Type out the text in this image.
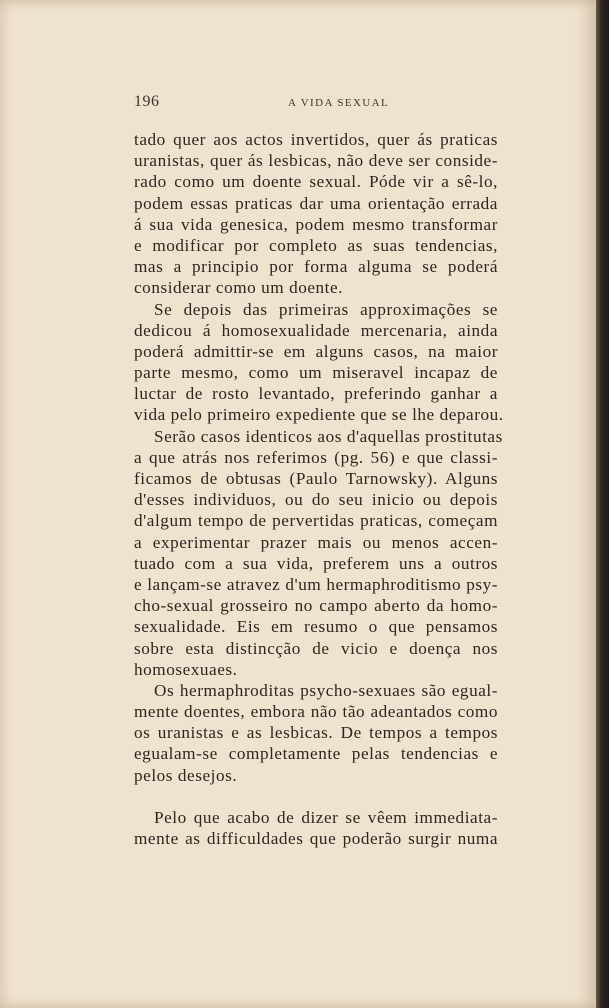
196	A VIDA SEXUAL
tado quer aos actos invertidos, quer ás praticas
uranistas, quer ás lesbicas, não deve ser conside-
rado como um doente sexual. Póde vir a sê-lo,
podem essas praticas dar uma orientação errada
á sua vida genesica, podem mesmo transformar
e modificar por completo as suas tendencias,
mas a principio por forma alguma se poderá
considerar como um doente.
Se depois das primeiras approximações se
dedicou á homosexualidade mercenaria, ainda
poderá admittir-se em alguns casos, na maior
parte mesmo, como um miseravel incapaz de
luctar de rosto levantado, preferindo ganhar a
vida pelo primeiro expediente que se lhe deparou.
Serão casos identicos aos d'aquellas prostitutas
a que atrás nos referimos (pg. 56) e que classi-
ficamos de obtusas (Paulo Tarnowsky). Alguns
d'esses individuos, ou do seu inicio ou depois
d'algum tempo de pervertidas praticas, começam
a experimentar prazer mais ou menos accen-
tuado com a sua vida, preferem uns a outros
e lançam-se atravez d'um hermaphroditismo psy-
cho-sexual grosseiro no campo aberto da homo-
sexualidade. Eis em resumo o que pensamos
sobre esta distincção de vicio e doença nos
homosexuaes.
Os hermaphroditas psycho-sexuaes são egual-
mente doentes, embora não tão adeantados como
os uranistas e as lesbicas. De tempos a tempos
egualam-se completamente pelas tendencias e
pelos desejos.
Pelo que acabo de dizer se vêem immediata-
mente as difficuldades que poderão surgir numa
